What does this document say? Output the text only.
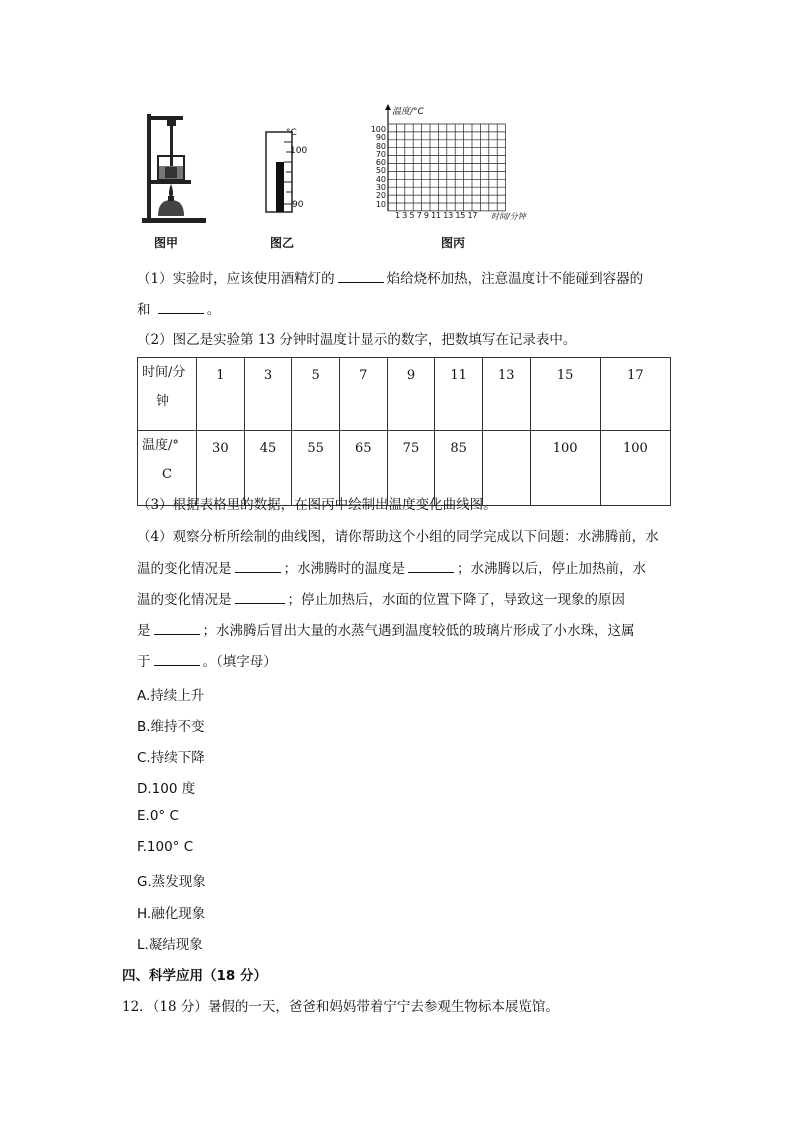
图甲
°C
100
90
图乙
温度/°C
100
90
80
70
60
50
40
30
20
10
1 3 5 7 9 11 13 15 17 时间/分钟
图丙
（1）实验时，应该使用酒精灯的	焰给烧杯加热，注意温度计不能碰到容器的
和	。
（2）图乙是实验第 13 分钟时温度计显示的数字，把数填写在记录表中。
时间/分
钟	1	3	5	7	9	11	13	15	17
温度/°
C	30	45	55	65	75	85		100	100
（3）根据表格里的数据，在图丙中绘制出温度变化曲线图。
（4）观察分析所绘制的曲线图，请你帮助这个小组的同学完成以下问题：水沸腾前，水
温的变化情况是	；水沸腾时的温度是	；水沸腾以后，停止加热前，水
温的变化情况是	；停止加热后，水面的位置下降了，导致这一现象的原因
是	；水沸腾后冒出大量的水蒸气遇到温度较低的玻璃片形成了小水珠，这属
于	。（填字母）
A.持续上升
B.维持不变
C.持续下降
D.100 度
E.0° C
F.100° C
G.蒸发现象
H.融化现象
L.凝结现象
四、科学应用（18 分）
12．（18 分）暑假的一天，爸爸和妈妈带着宁宁去参观生物标本展览馆。
